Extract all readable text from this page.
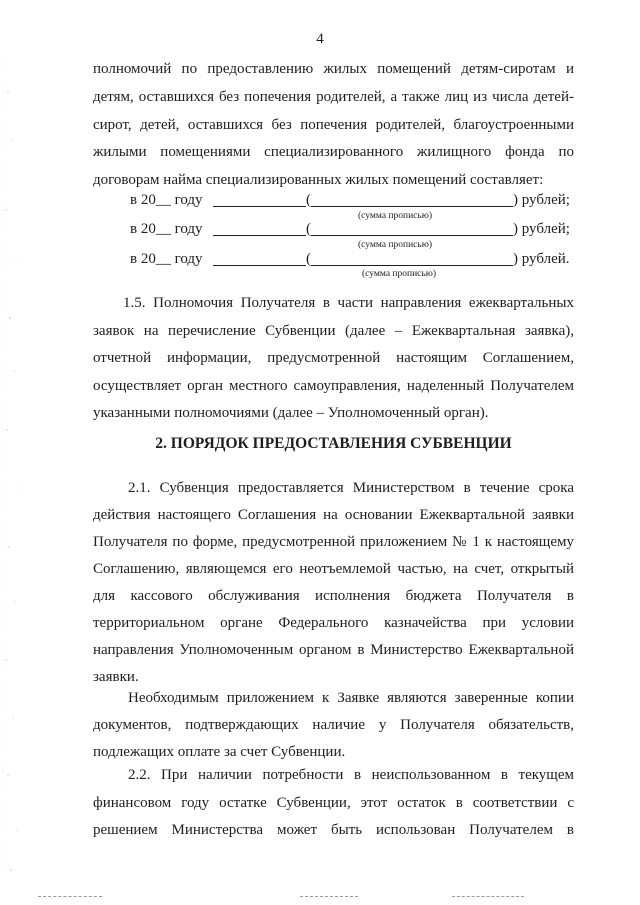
4
полномочий по предоставлению жилых помещений детям-сиротам и
детям, оставшихся без попечения родителей, а также лиц из числа детей-
сирот, детей, оставшихся без попечения родителей, благоустроенными
жилыми помещениями специализированного жилищного фонда по
договорам найма специализированных жилых помещений составляет:
в 20__ году	(	) рублей;
(сумма прописью)
в 20__ году	(	) рублей;
(сумма прописью)
в 20__ году	(	) рублей.
(сумма прописью)
1.5. Полномочия Получателя в части направления ежеквартальных
заявок на перечисление Субвенции (далее – Ежеквартальная заявка),
отчетной информации, предусмотренной настоящим Соглашением,
осуществляет орган местного самоуправления, наделенный Получателем
указанными полномочиями (далее – Уполномоченный орган).
2. ПОРЯДОК ПРЕДОСТАВЛЕНИЯ СУБВЕНЦИИ
2.1. Субвенция предоставляется Министерством в течение срока
действия настоящего Соглашения на основании Ежеквартальной заявки
Получателя по форме, предусмотренной приложением № 1 к настоящему
Соглашению, являющемся его неотъемлемой частью, на счет, открытый
для кассового обслуживания исполнения бюджета Получателя в
территориальном органе Федерального казначейства при условии
направления Уполномоченным органом в Министерство Ежеквартальной
заявки.
Необходимым приложением к Заявке являются заверенные копии
документов, подтверждающих наличие у Получателя обязательств,
подлежащих оплате за счет Субвенции.
2.2. При наличии потребности в неиспользованном в текущем
финансовом году остатке Субвенции, этот остаток в соответствии с
решением Министерства может быть использован Получателем в
